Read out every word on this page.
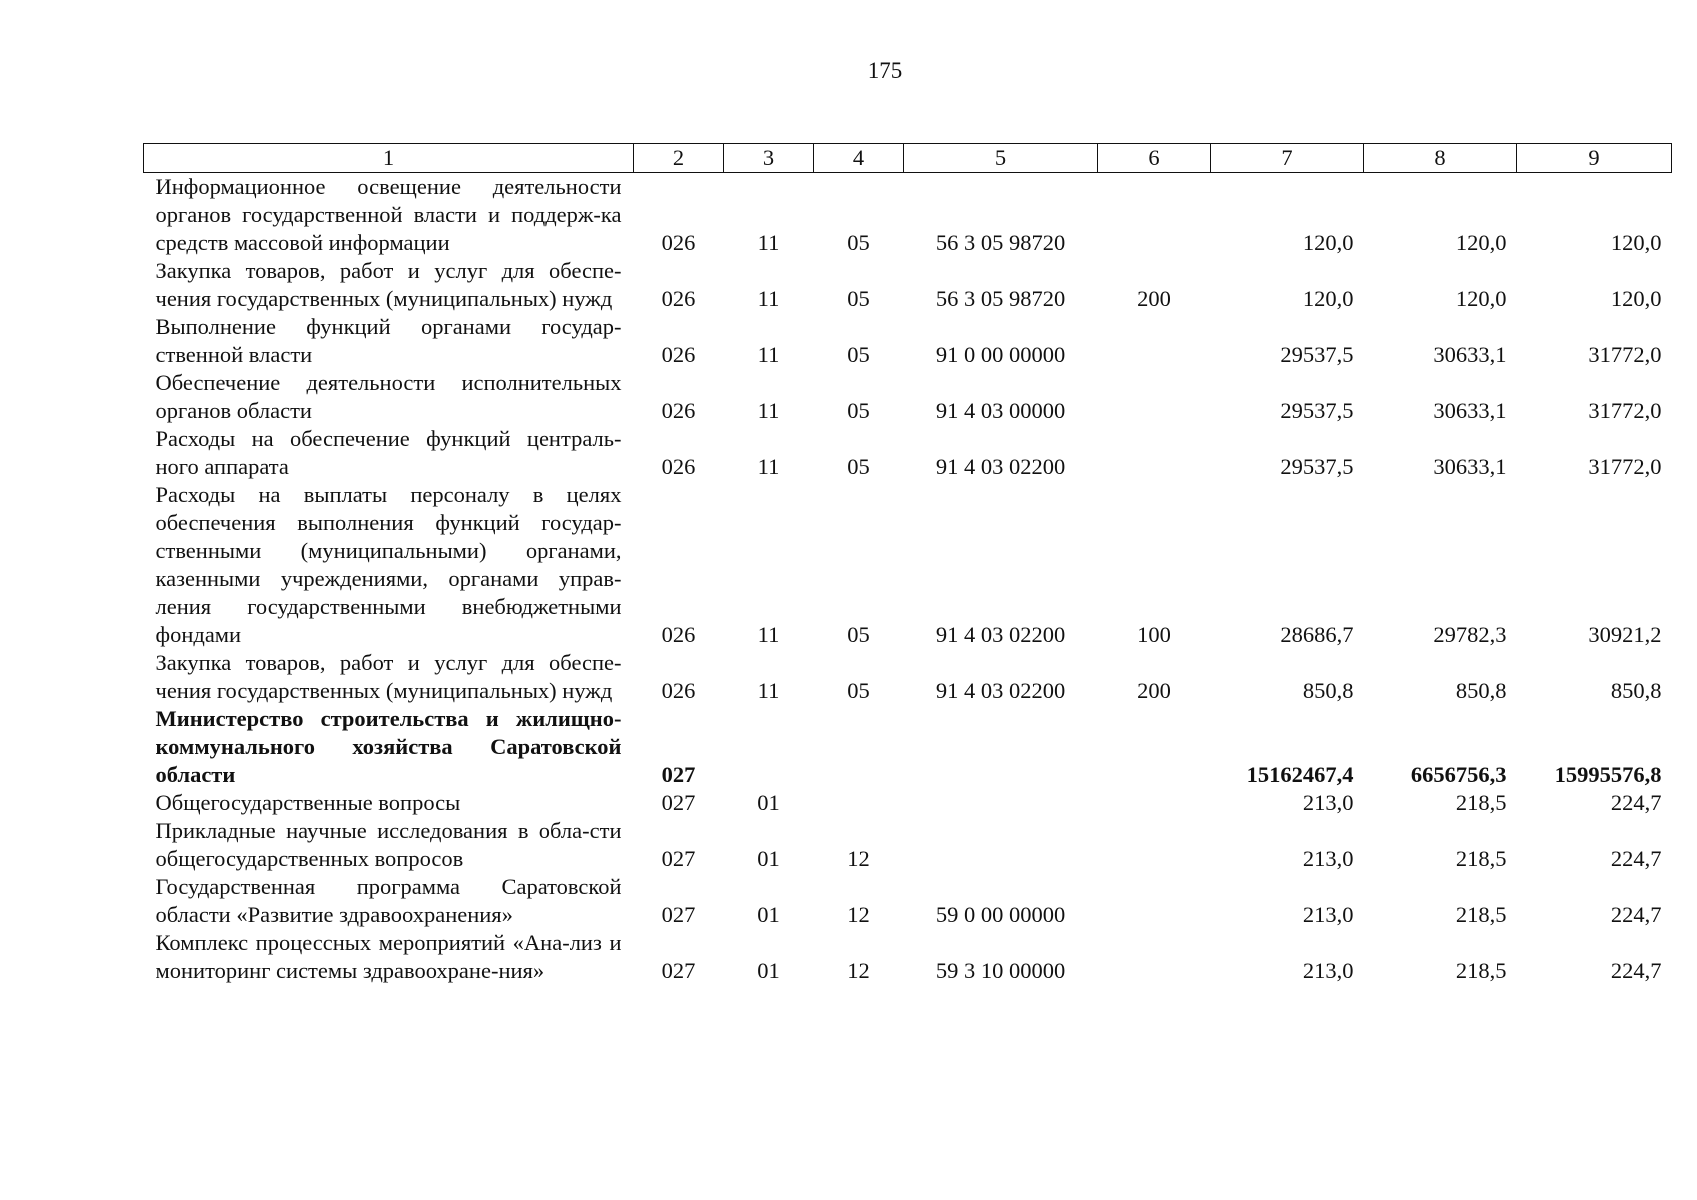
175
1	2	3	4	5	6	7	8	9
Информационное освещение деятельности органов государственной власти и поддерж-ка средств массовой информации	026	11	05	56 3 05 98720		120,0	120,0	120,0
Закупка товаров, работ и услуг для обеспе-чения государственных (муниципальных) нужд	026	11	05	56 3 05 98720	200	120,0	120,0	120,0
Выполнение функций органами государ-ственной власти	026	11	05	91 0 00 00000		29537,5	30633,1	31772,0
Обеспечение деятельности исполнительных органов области	026	11	05	91 4 03 00000		29537,5	30633,1	31772,0
Расходы на обеспечение функций централь-ного аппарата	026	11	05	91 4 03 02200		29537,5	30633,1	31772,0
Расходы на выплаты персоналу в целях обеспечения выполнения функций государ-ственными (муниципальными) органами, казенными учреждениями, органами управ-ления государственными внебюджетными фондами	026	11	05	91 4 03 02200	100	28686,7	29782,3	30921,2
Закупка товаров, работ и услуг для обеспе-чения государственных (муниципальных) нужд	026	11	05	91 4 03 02200	200	850,8	850,8	850,8
Министерство строительства и жилищно-коммунального хозяйства Саратовской области	027					15162467,4	6656756,3	15995576,8
Общегосударственные вопросы	027	01				213,0	218,5	224,7
Прикладные научные исследования в обла-сти общегосударственных вопросов	027	01	12			213,0	218,5	224,7
Государственная программа Саратовской области «Развитие здравоохранения»	027	01	12	59 0 00 00000		213,0	218,5	224,7
Комплекс процессных мероприятий «Ана-лиз и мониторинг системы здравоохране-ния»	027	01	12	59 3 10 00000		213,0	218,5	224,7
